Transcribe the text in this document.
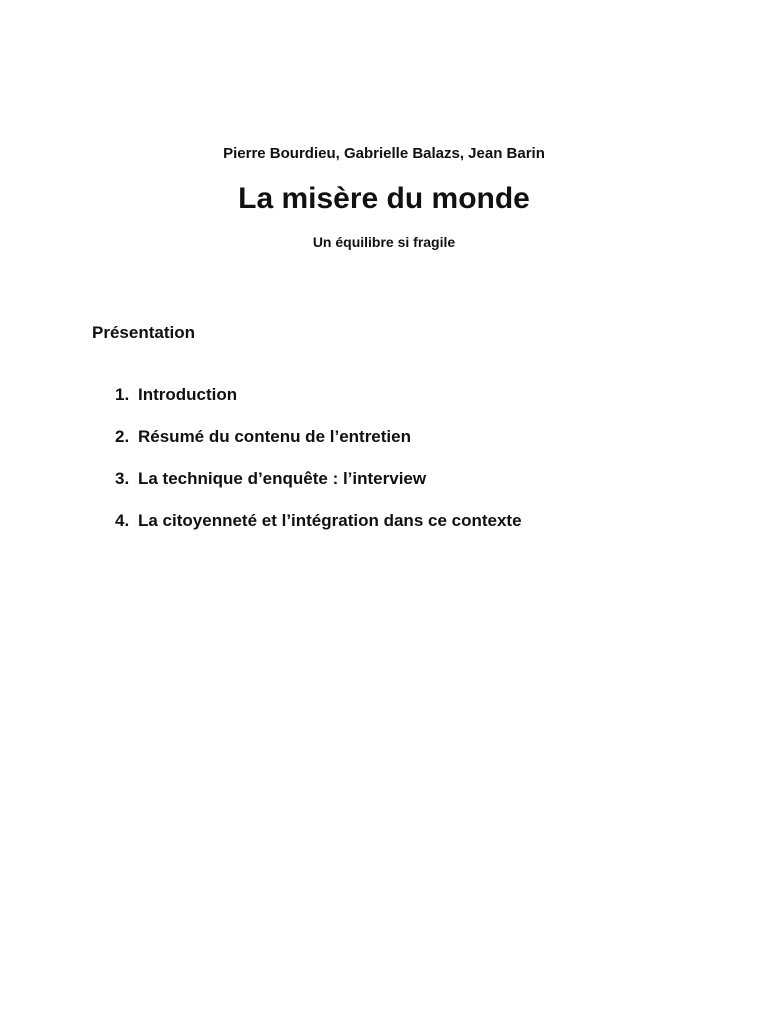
Pierre Bourdieu, Gabrielle Balazs, Jean Barin
La misère du monde
Un équilibre si fragile
Présentation
1. Introduction
2. Résumé du contenu de l’entretien
3. La technique d’enquête : l’interview
4. La citoyenneté et l’intégration dans ce contexte
